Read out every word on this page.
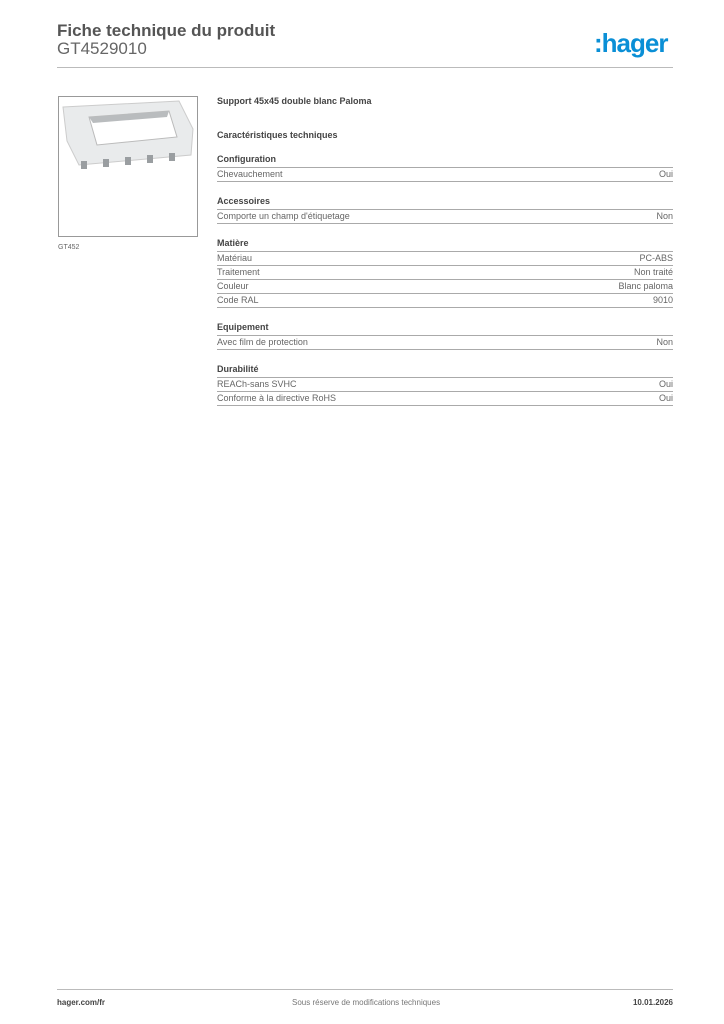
Fiche technique du produit
GT4529010	:hager
GT452
Support 45x45 double blanc Paloma
Caractéristiques techniques
Configuration
Chevauchement	Oui
Accessoires
Comporte un champ d'étiquetage	Non
Matière
Matériau	PC-ABS
Traitement	Non traité
Couleur	Blanc paloma
Code RAL	9010
Equipement
Avec film de protection	Non
Durabilité
REACh-sans SVHC	Oui
Conforme à la directive RoHS	Oui
hager.com/fr	Sous réserve de modifications techniques	10.01.2026
